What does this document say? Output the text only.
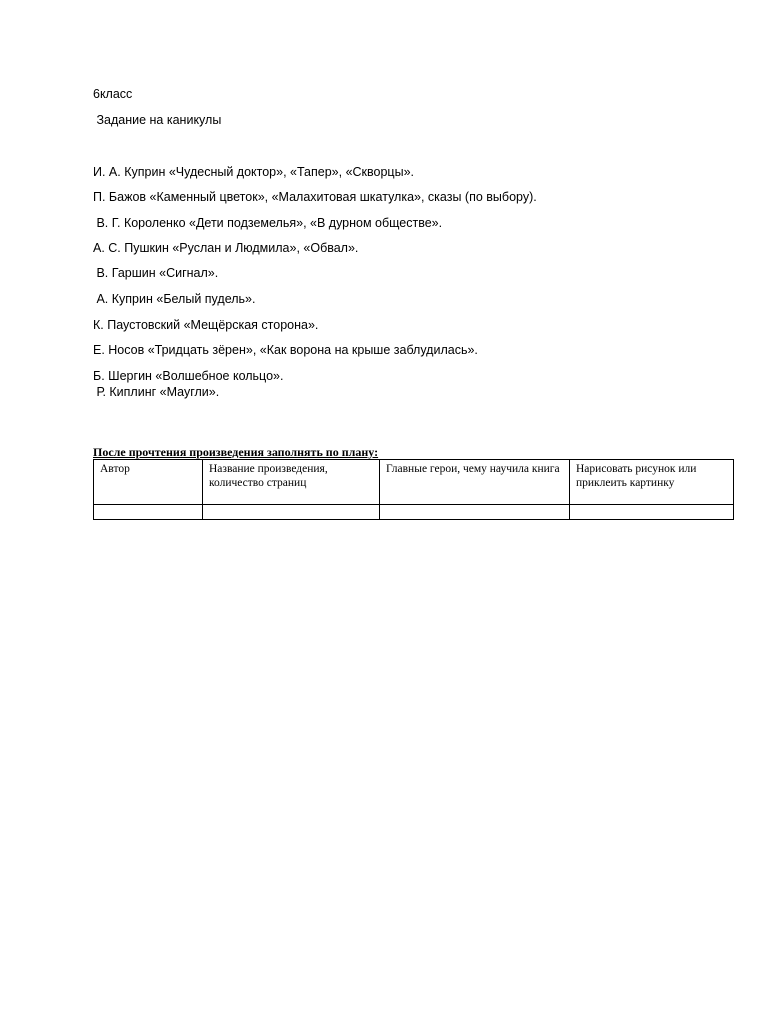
6класс
Задание на каникулы
И. А. Куприн «Чудесный доктор», «Тапер», «Скворцы».
П. Бажов «Каменный цветок», «Малахитовая шкатулка», сказы (по выбору).
В. Г. Короленко «Дети подземелья», «В дурном обществе».
А. С. Пушкин «Руслан и Людмила», «Обвал».
В. Гаршин «Сигнал».
А. Куприн «Белый пудель».
К. Паустовский «Мещёрская сторона».
Е. Носов «Тридцать зёрен», «Как ворона на крыше заблудилась».
Б. Шергин «Волшебное кольцо».
Р. Киплинг «Маугли».
После прочтения произведения заполнять по плану:
Автор	Название произведения, количество страниц	Главные герои, чему научила книга	Нарисовать рисунок или приклеить картинку
